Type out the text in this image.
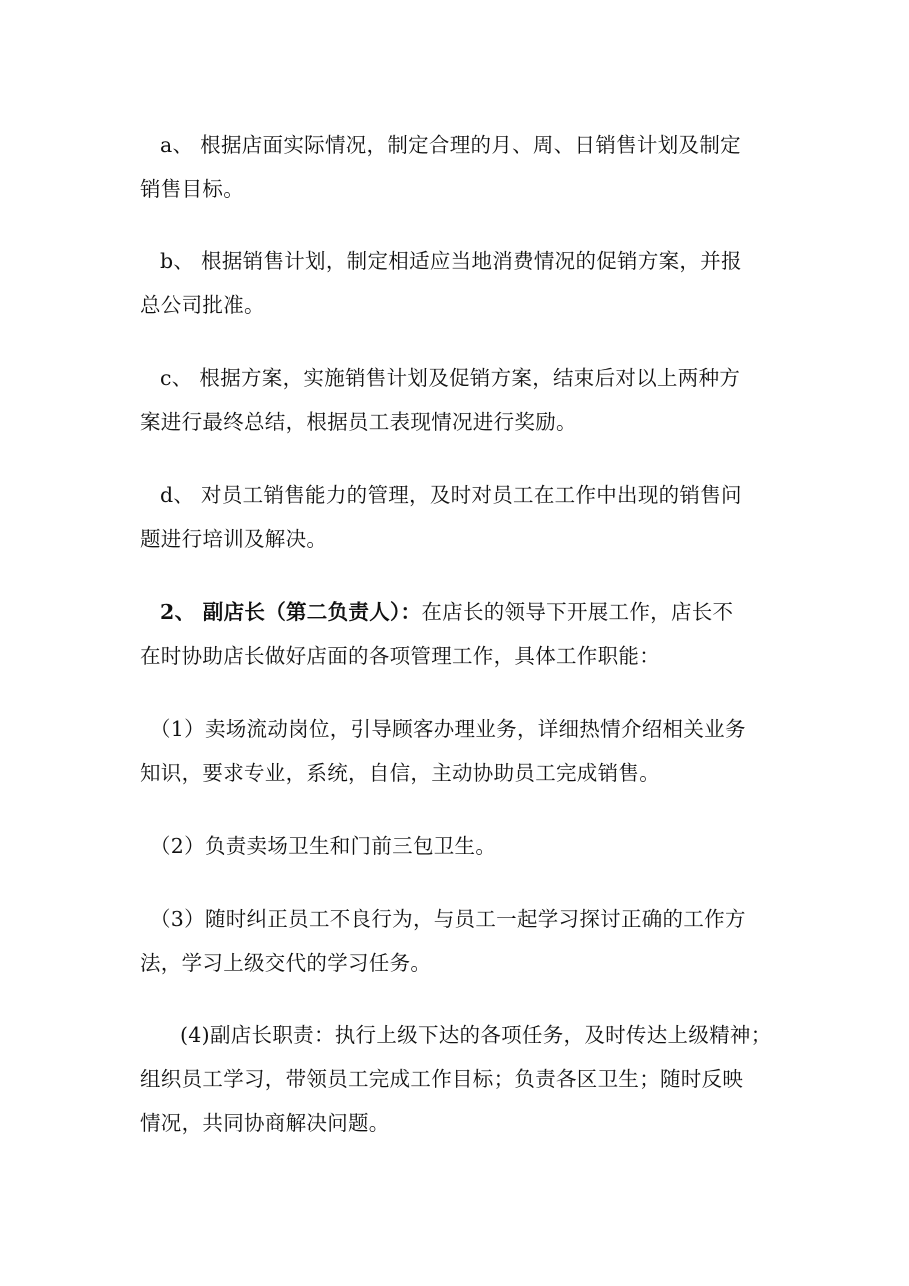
a、 根据店面实际情况，制定合理的月、周、日销售计划及制定
销售目标。
b、 根据销售计划，制定相适应当地消费情况的促销方案，并报
总公司批准。
c、 根据方案，实施销售计划及促销方案，结束后对以上两种方
案进行最终总结，根据员工表现情况进行奖励。
d、 对员工销售能力的管理，及时对员工在工作中出现的销售问
题进行培训及解决。
2、 副店长（第二负责人）：在店长的领导下开展工作，店长不
在时协助店长做好店面的各项管理工作，具体工作职能：
（1）卖场流动岗位，引导顾客办理业务，详细热情介绍相关业务
知识，要求专业，系统，自信，主动协助员工完成销售。
（2）负责卖场卫生和门前三包卫生。
（3）随时纠正员工不良行为，与员工一起学习探讨正确的工作方
法，学习上级交代的学习任务。
(4)副店长职责：执行上级下达的各项任务，及时传达上级精神；
组织员工学习，带领员工完成工作目标；负责各区卫生；随时反映
情况，共同协商解决问题。
